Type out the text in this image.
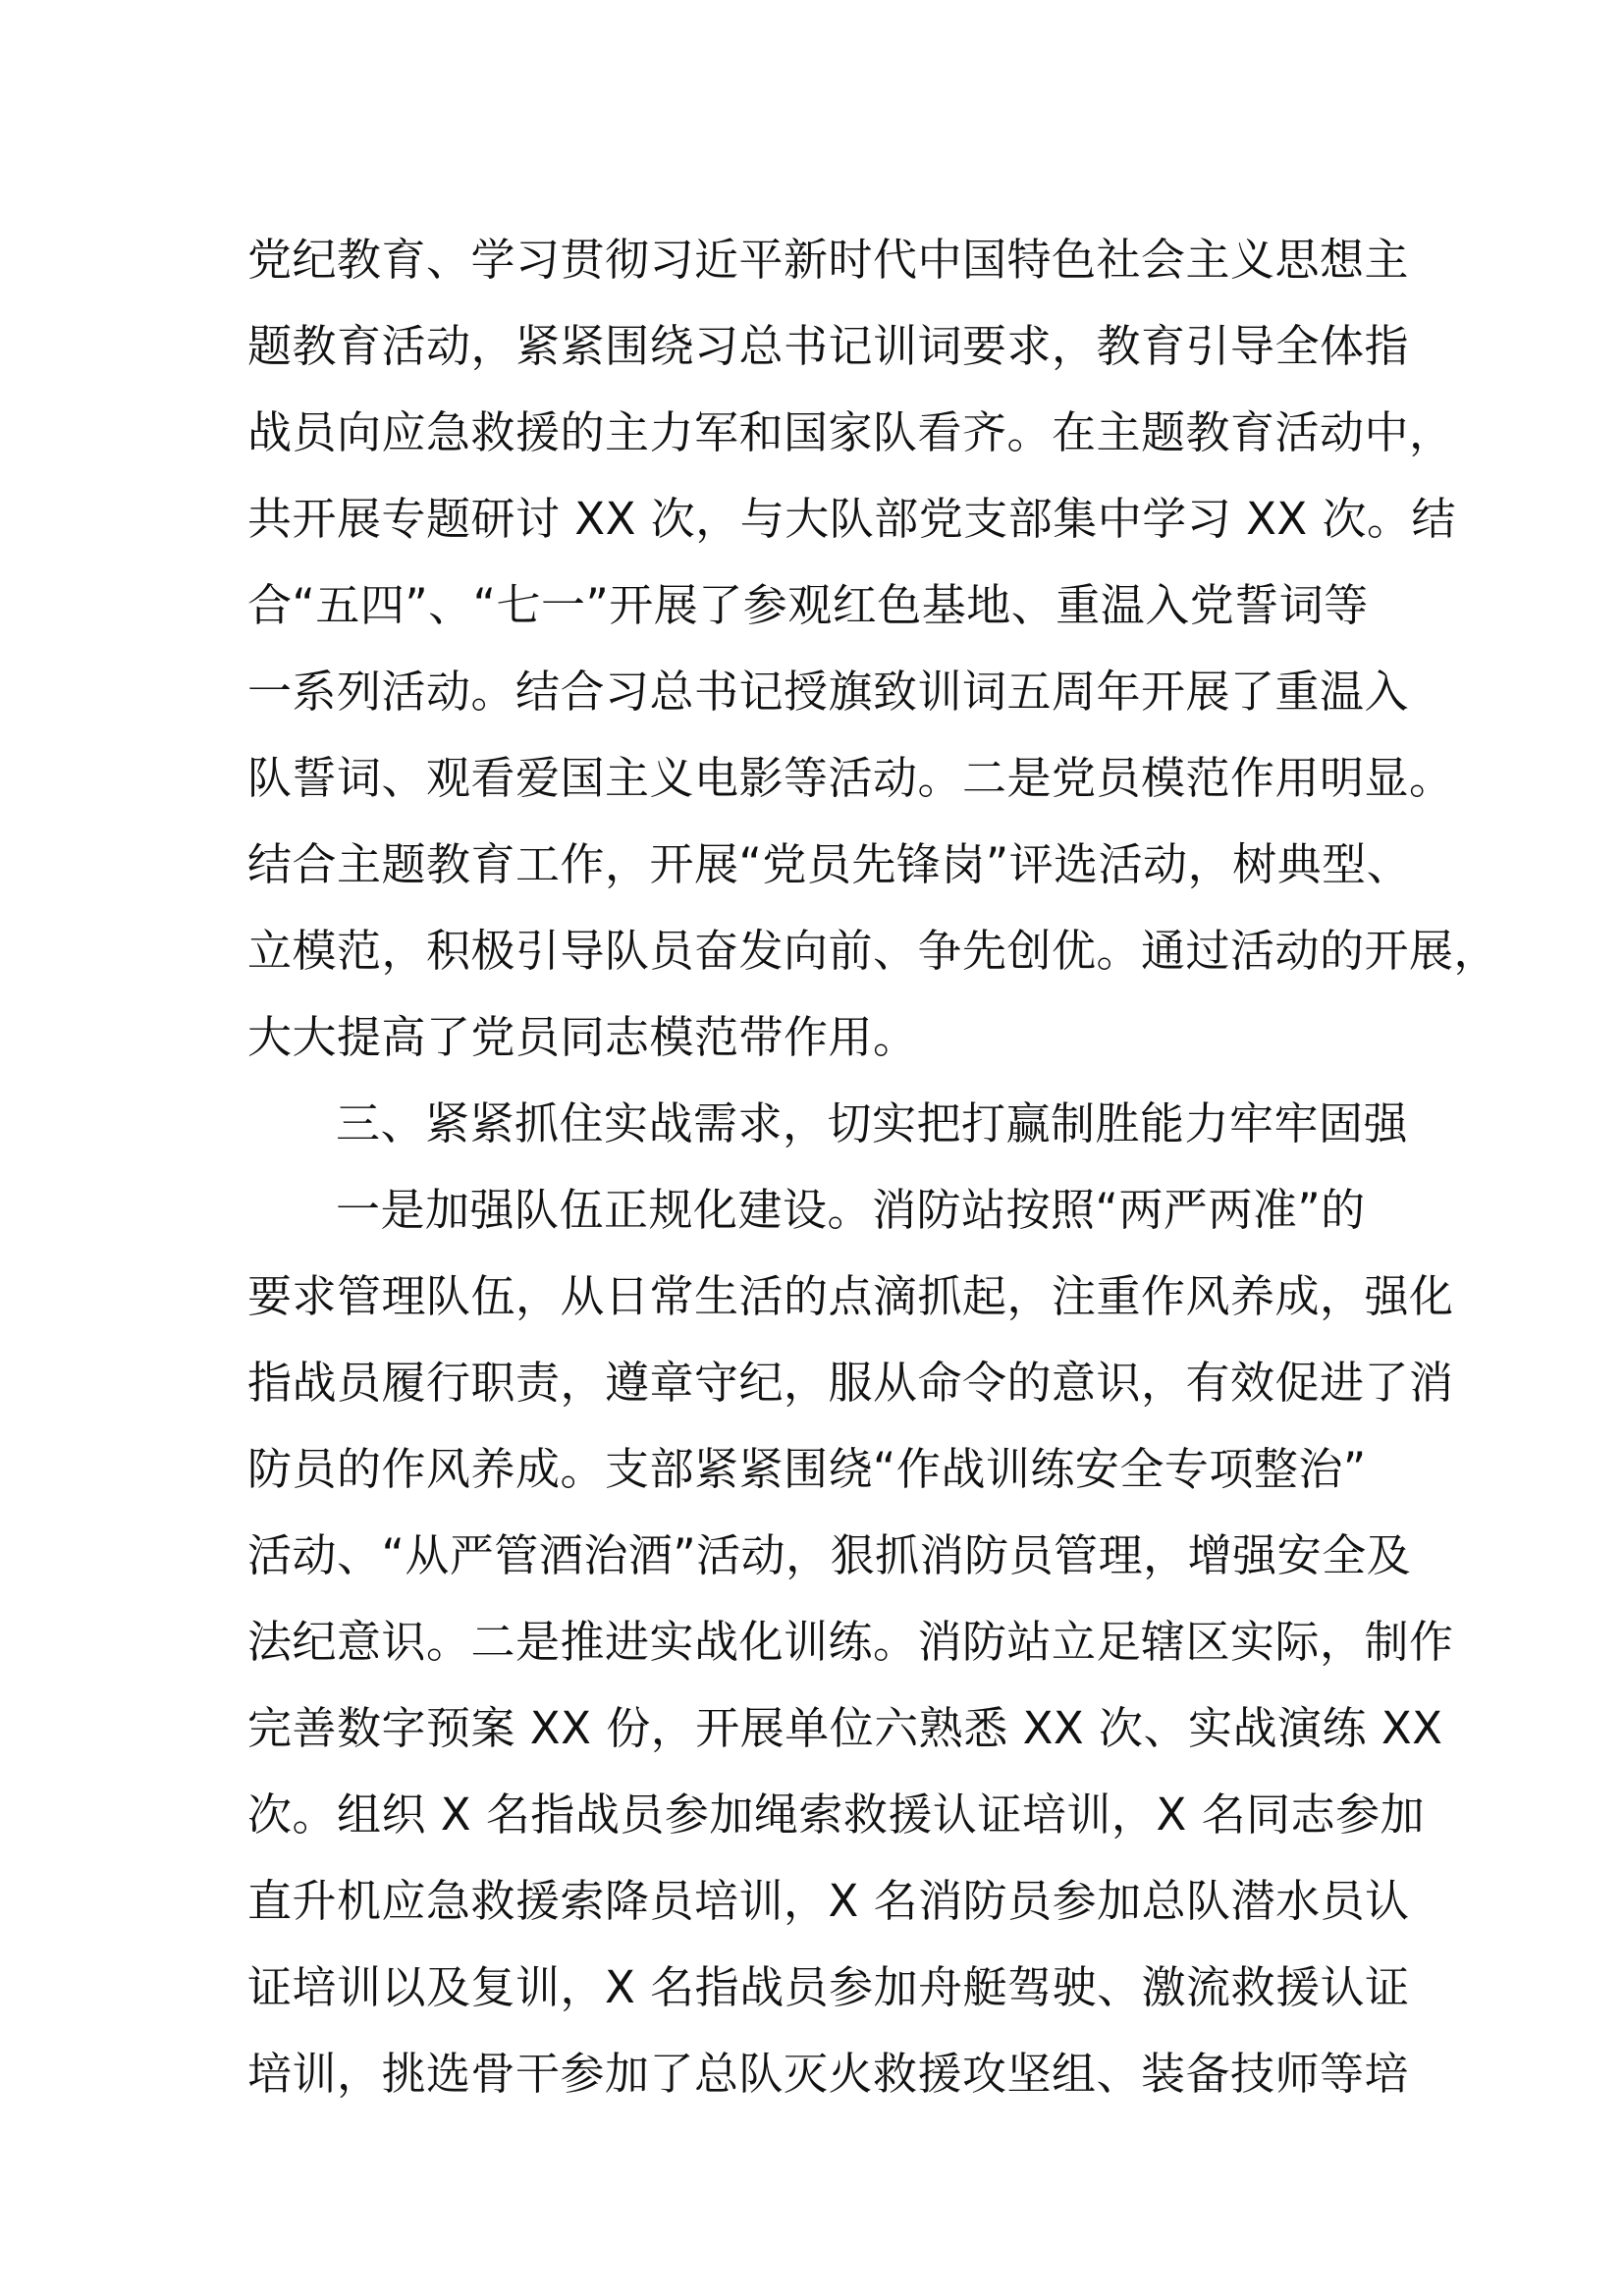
党纪教育、学习贯彻习近平新时代中国特色社会主义思想主
题教育活动，紧紧围绕习总书记训词要求，教育引导全体指
战员向应急救援的主力军和国家队看齐。在主题教育活动中，
共开展专题研讨 XX 次，与大队部党支部集中学习 XX 次。结
合“五四”、“七一”开展了参观红色基地、重温入党誓词等
一系列活动。结合习总书记授旗致训词五周年开展了重温入
队誓词、观看爱国主义电影等活动。二是党员模范作用明显。
结合主题教育工作，开展“党员先锋岗”评选活动，树典型、
立模范，积极引导队员奋发向前、争先创优。通过活动的开展，
大大提高了党员同志模范带作用。
三、紧紧抓住实战需求，切实把打赢制胜能力牢牢固强
一是加强队伍正规化建设。消防站按照“两严两准”的
要求管理队伍，从日常生活的点滴抓起，注重作风养成，强化
指战员履行职责，遵章守纪，服从命令的意识，有效促进了消
防员的作风养成。支部紧紧围绕“作战训练安全专项整治”
活动、“从严管酒治酒”活动，狠抓消防员管理，增强安全及
法纪意识。二是推进实战化训练。消防站立足辖区实际，制作
完善数字预案 XX 份，开展单位六熟悉 XX 次、实战演练 XX
次。组织 X 名指战员参加绳索救援认证培训，X 名同志参加
直升机应急救援索降员培训，X 名消防员参加总队潜水员认
证培训以及复训，X 名指战员参加舟艇驾驶、激流救援认证
培训，挑选骨干参加了总队灭火救援攻坚组、装备技师等培
